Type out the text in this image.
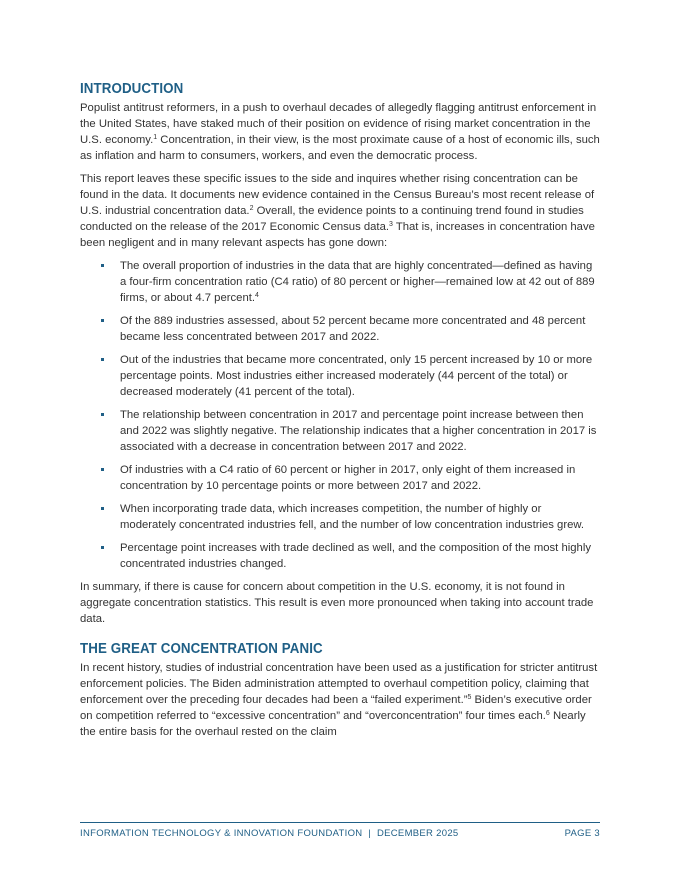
INTRODUCTION

Populist antitrust reformers, in a push to overhaul decades of allegedly flagging antitrust enforcement in the United States, have staked much of their position on evidence of rising market concentration in the U.S. economy.$^1$ Concentration, in their view, is the most proximate cause of a host of economic ills, such as inflation and harm to consumers, workers, and even the democratic process.

This report leaves these specific issues to the side and inquires whether rising concentration can be found in the data. It documents new evidence contained in the Census Bureau’s most recent release of U.S. industrial concentration data.$^2$ Overall, the evidence points to a continuing trend found in studies conducted on the release of the 2017 Economic Census data.$^3$ That is, increases in concentration have been negligent and in many relevant aspects has gone down:

The overall proportion of industries in the data that are highly concentrated—defined as having a four-firm concentration ratio (C4 ratio) of 80 percent or higher—remained low at 42 out of 889 firms, or about 4.7 percent.$^4$
Of the 889 industries assessed, about 52 percent became more concentrated and 48 percent became less concentrated between 2017 and 2022.
Out of the industries that became more concentrated, only 15 percent increased by 10 or more percentage points. Most industries either increased moderately (44 percent of the total) or decreased moderately (41 percent of the total).
The relationship between concentration in 2017 and percentage point increase between then and 2022 was slightly negative. The relationship indicates that a higher concentration in 2017 is associated with a decrease in concentration between 2017 and 2022.
Of industries with a C4 ratio of 60 percent or higher in 2017, only eight of them increased in concentration by 10 percentage points or more between 2017 and 2022.
When incorporating trade data, which increases competition, the number of highly or moderately concentrated industries fell, and the number of low concentration industries grew.
Percentage point increases with trade declined as well, and the composition of the most highly concentrated industries changed.

In summary, if there is cause for concern about competition in the U.S. economy, it is not found in aggregate concentration statistics. This result is even more pronounced when taking into account trade data.

THE GREAT CONCENTRATION PANIC

In recent history, studies of industrial concentration have been used as a justification for stricter antitrust enforcement policies. The Biden administration attempted to overhaul competition policy, claiming that enforcement over the preceding four decades had been a “failed experiment.”$^5$ Biden’s executive order on competition referred to “excessive concentration” and “overconcentration” four times each.$^6$ Nearly the entire basis for the overhaul rested on the claim

INFORMATION TECHNOLOGY & INNOVATION FOUNDATION  |  DECEMBER 2025	PAGE 3
